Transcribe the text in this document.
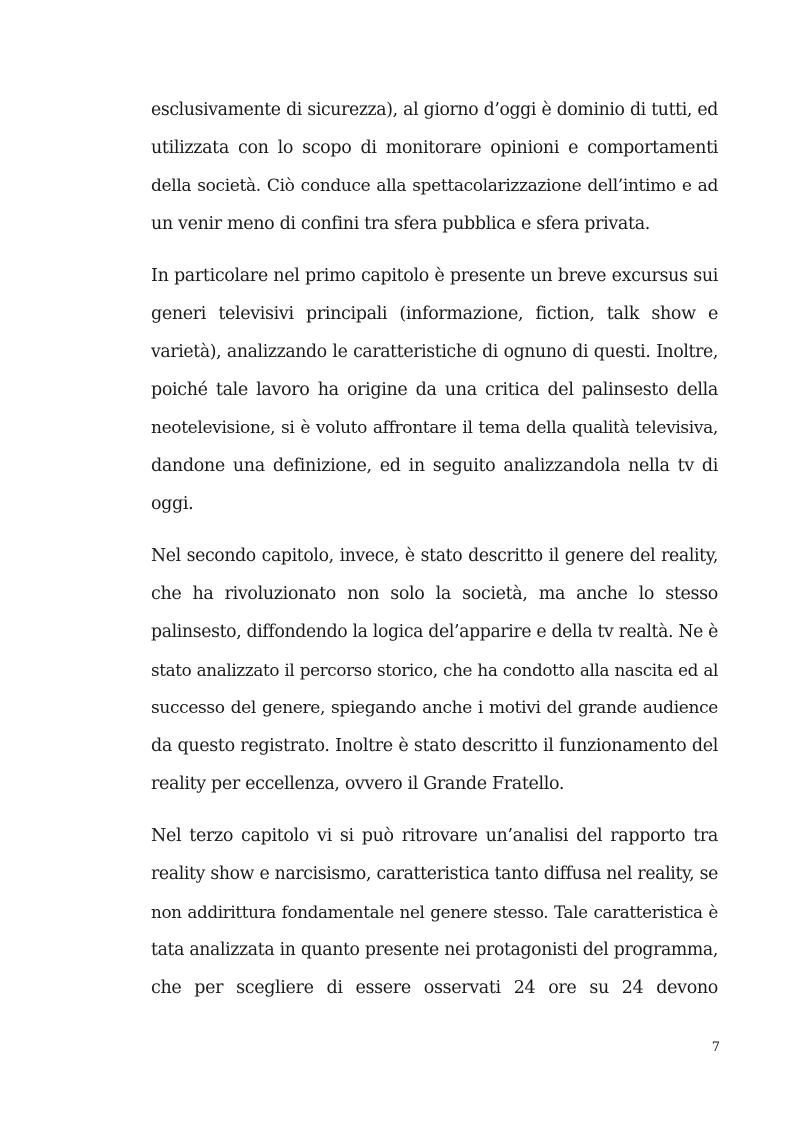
esclusivamente di sicurezza), al giorno d’oggi è dominio di tutti, ed
utilizzata con lo scopo di monitorare opinioni e comportamenti
della società. Ciò conduce alla spettacolarizzazione dell’intimo e ad
un venir meno di confini tra sfera pubblica e sfera privata.
In particolare nel primo capitolo è presente un breve excursus sui
generi televisivi principali (informazione, fiction, talk show e
varietà), analizzando le caratteristiche di ognuno di questi. Inoltre,
poiché tale lavoro ha origine da una critica del palinsesto della
neotelevisione, si è voluto affrontare il tema della qualità televisiva,
dandone una definizione, ed in seguito analizzandola nella tv di
oggi.
Nel secondo capitolo, invece, è stato descritto il genere del reality,
che ha rivoluzionato non solo la società, ma anche lo stesso
palinsesto, diffondendo la logica del’apparire e della tv realtà. Ne è
stato analizzato il percorso storico, che ha condotto alla nascita ed al
successo del genere, spiegando anche i motivi del grande audience
da questo registrato. Inoltre è stato descritto il funzionamento del
reality per eccellenza, ovvero il Grande Fratello.
Nel terzo capitolo vi si può ritrovare un’analisi del rapporto tra
reality show e narcisismo, caratteristica tanto diffusa nel reality, se
non addirittura fondamentale nel genere stesso. Tale caratteristica è
tata analizzata in quanto presente nei protagonisti del programma,
che per scegliere di essere osservati 24 ore su 24 devono
7
